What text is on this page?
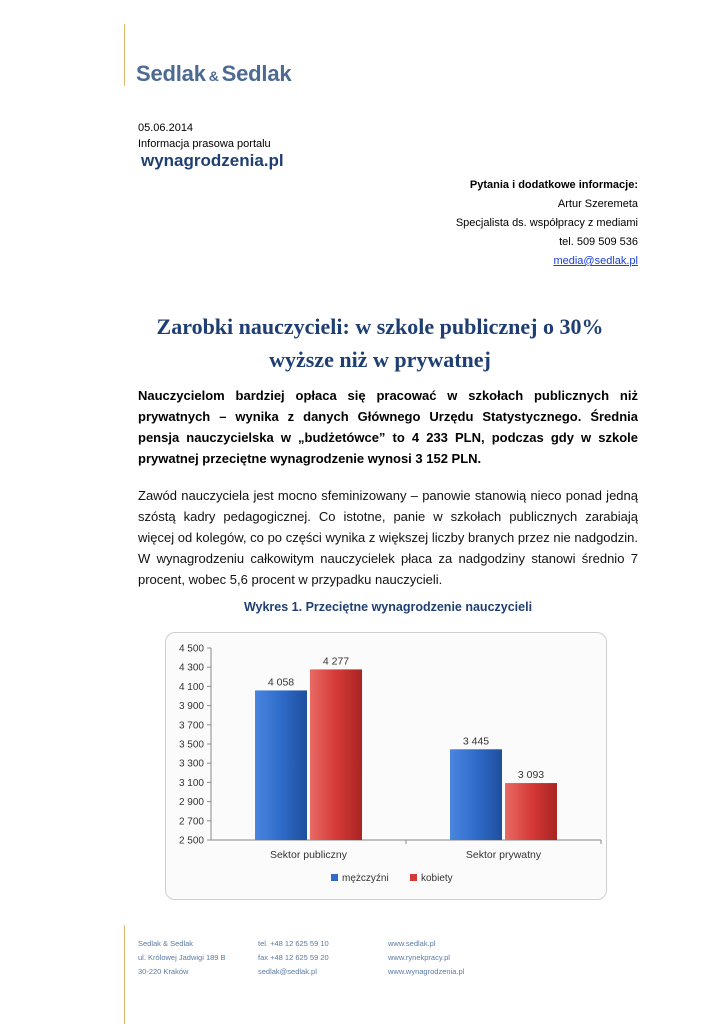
Sedlak & Sedlak
05.06.2014
Informacja prasowa portalu
wynagrodzenia.pl
Pytania i dodatkowe informacje:
Artur Szeremeta
Specjalista ds. współpracy z mediami
tel. 509 509 536
media@sedlak.pl
Zarobki nauczycieli: w szkole publicznej o 30%
wyższe niż w prywatnej
Nauczycielom bardziej opłaca się pracować w szkołach publicznych niż prywatnych – wynika z danych Głównego Urzędu Statystycznego. Średnia pensja nauczycielska w „budżetówce” to 4 233 PLN, podczas gdy w szkole prywatnej przeciętne wynagrodzenie wynosi 3 152 PLN.
Zawód nauczyciela jest mocno sfeminizowany – panowie stanowią nieco ponad jedną szóstą kadry pedagogicznej. Co istotne, panie w szkołach publicznych zarabiają więcej od kolegów, co po części wynika z większej liczby branych przez nie nadgodzin. W wynagrodzeniu całkowitym nauczycielek płaca za nadgodziny stanowi średnio 7 procent, wobec 5,6 procent w przypadku nauczycieli.
Wykres 1. Przeciętne wynagrodzenie nauczycieli
2 500
2 700
2 900
3 100
3 300
3 500
3 700
3 900
4 100
4 300
4 500
4 058
4 277
Sektor publiczny
3 445
3 093
Sektor prywatny
mężczyźni	kobiety
Sedlak & Sedlak
ul. Królowej Jadwigi 189 B
30-220 Kraków
tel. +48 12 625 59 10
fax +48 12 625 59 20
sedlak@sedlak.pl
www.sedlak.pl
www.rynekpracy.pl
www.wynagrodzenia.pl
